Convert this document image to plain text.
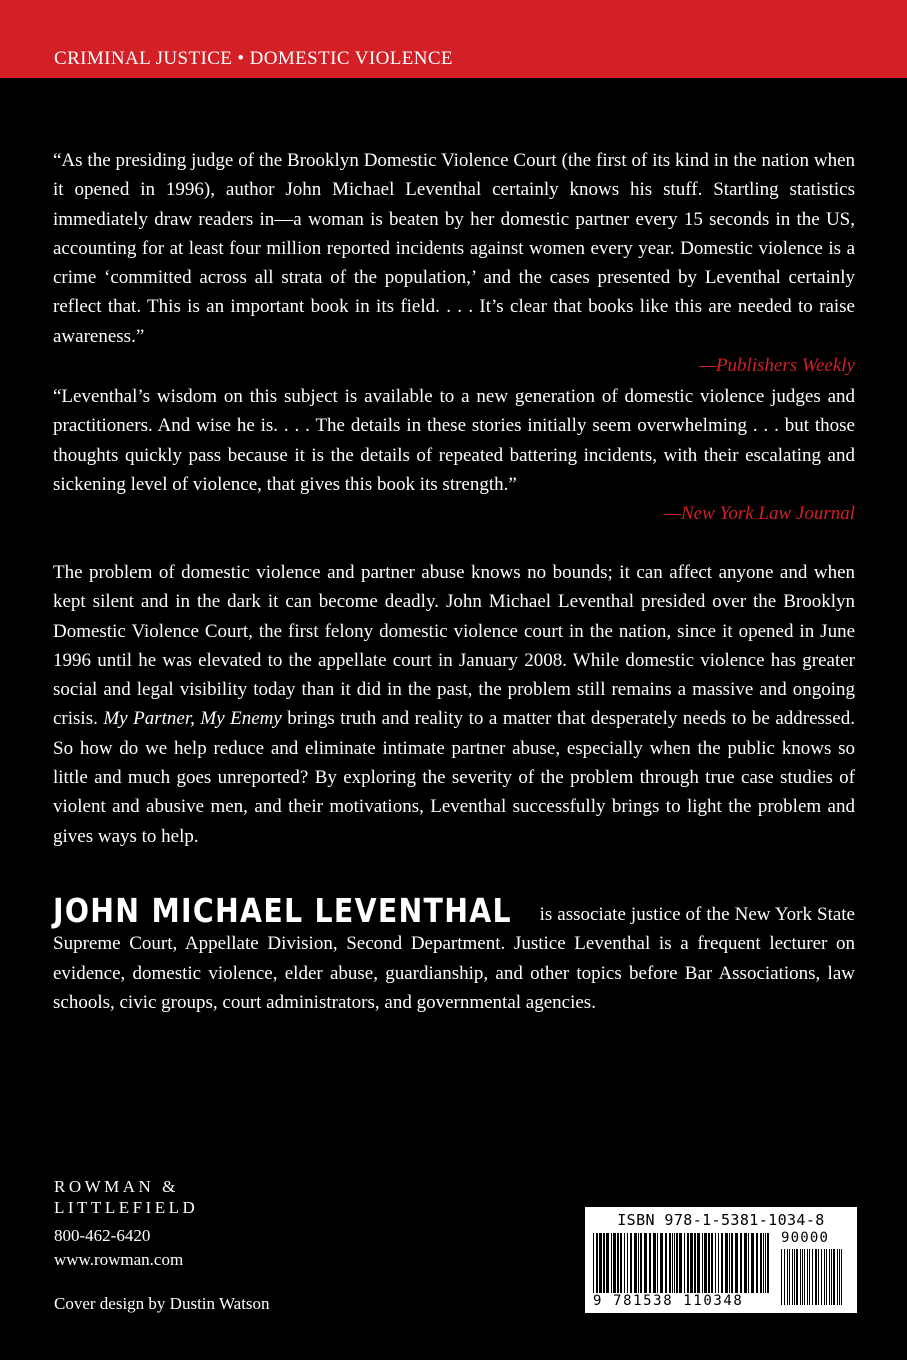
CRIMINAL JUSTICE • DOMESTIC VIOLENCE
“As the presiding judge of the Brooklyn Domestic Violence Court (the first of its kind in the nation when it opened in 1996), author John Michael Leventhal certainly knows his stuff. Startling statistics immediately draw readers in—a woman is beaten by her domestic partner every 15 seconds in the US, accounting for at least four million reported incidents against women every year. Domestic violence is a crime ‘committed across all strata of the population,’ and the cases presented by Leventhal certainly reflect that. This is an important book in its field. . . . It’s clear that books like this are needed to raise awareness.”
—Publishers Weekly
“Leventhal’s wisdom on this subject is available to a new generation of domestic violence judges and practitioners. And wise he is. . . . The details in these stories initially seem overwhelming . . . but those thoughts quickly pass because it is the details of repeated battering incidents, with their escalating and sickening level of violence, that gives this book its strength.”
—New York Law Journal
The problem of domestic violence and partner abuse knows no bounds; it can affect anyone and when kept silent and in the dark it can become deadly. John Michael Leventhal presided over the Brooklyn Domestic Violence Court, the first felony domestic violence court in the nation, since it opened in June 1996 until he was elevated to the appellate court in January 2008. While domestic violence has greater social and legal visibility today than it did in the past, the problem still remains a massive and ongoing crisis. My Partner, My Enemy brings truth and reality to a matter that desperately needs to be addressed. So how do we help reduce and eliminate intimate partner abuse, especially when the public knows so little and much goes unreported? By exploring the severity of the problem through true case studies of violent and abusive men, and their motivations, Leventhal successfully brings to light the problem and gives ways to help.
JOHN MICHAEL LEVENTHAL is associate justice of the New York State Supreme Court, Appellate Division, Second Department. Justice Leventhal is a frequent lecturer on evidence, domestic violence, elder abuse, guardianship, and other topics before Bar Associations, law schools, civic groups, court administrators, and governmental agencies.
ROWMAN &
LITTLEFIELD
800-462-6420
www.rowman.com
Cover design by Dustin Watson
ISBN 978-1-5381-1034-8
9 781538 110348
90000
